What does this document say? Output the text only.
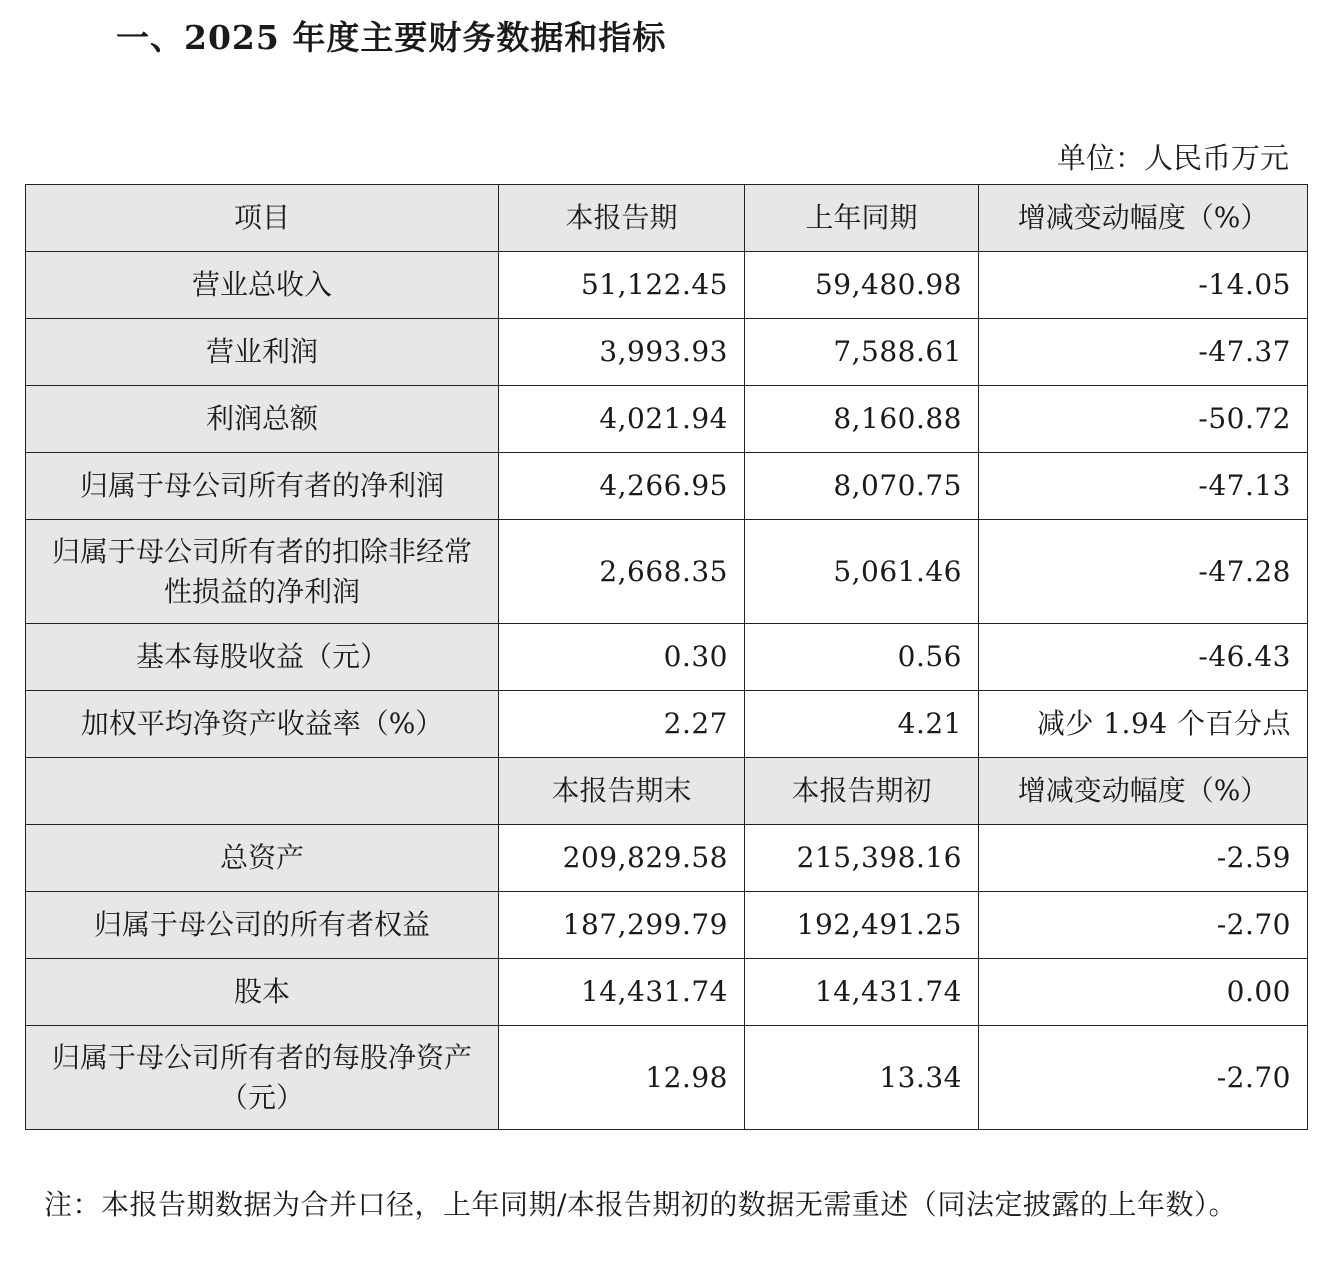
一、2025 年度主要财务数据和指标
单位：人民币万元
项目	本报告期	上年同期	增减变动幅度（%）
营业总收入	51,122.45	59,480.98	-14.05
营业利润	3,993.93	7,588.61	-47.37
利润总额	4,021.94	8,160.88	-50.72
归属于母公司所有者的净利润	4,266.95	8,070.75	-47.13
归属于母公司所有者的扣除非经常性损益的净利润	2,668.35	5,061.46	-47.28
基本每股收益（元）	0.30	0.56	-46.43
加权平均净资产收益率（%）	2.27	4.21	减少 1.94 个百分点
	本报告期末	本报告期初	增减变动幅度（%）
总资产	209,829.58	215,398.16	-2.59
归属于母公司的所有者权益	187,299.79	192,491.25	-2.70
股本	14,431.74	14,431.74	0.00
归属于母公司所有者的每股净资产（元）	12.98	13.34	-2.70
注：本报告期数据为合并口径，上年同期/本报告期初的数据无需重述（同法定披露的上年数）。
